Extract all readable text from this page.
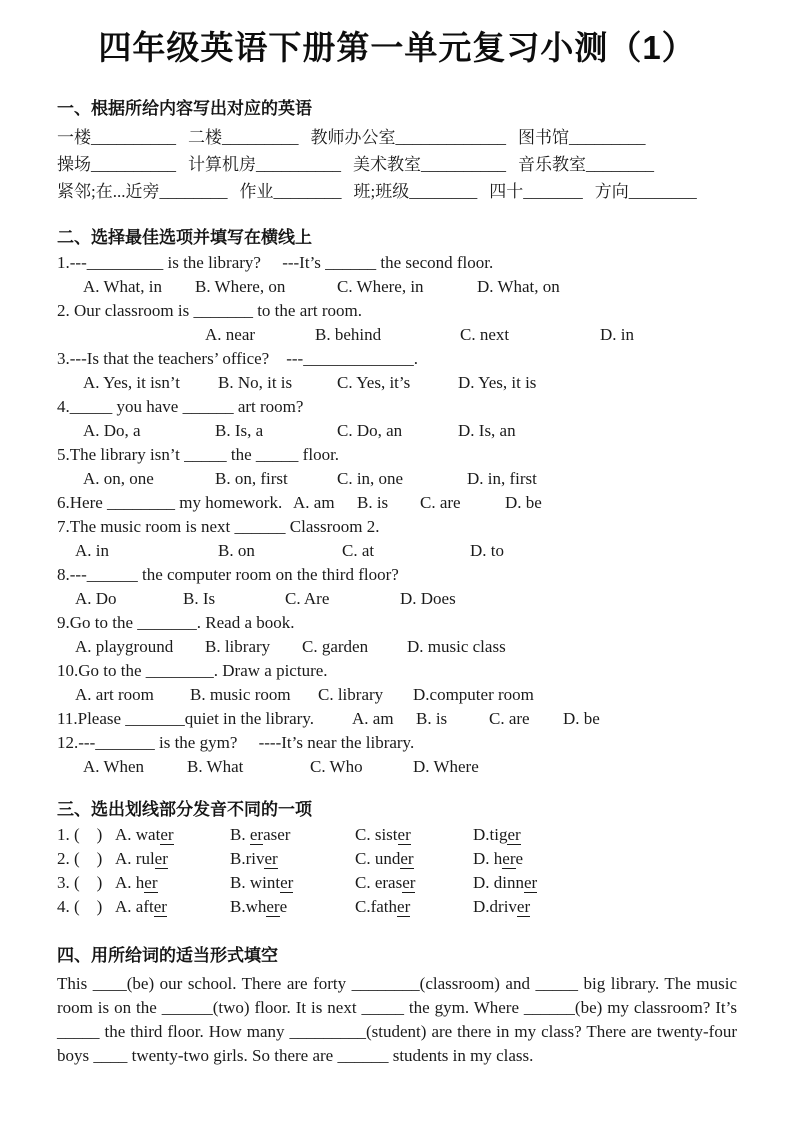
四年级英语下册第一单元复习小测（1）
一、根据所给内容写出对应的英语
一楼__________ 二楼_________ 教师办公室_____________ 图书馆_________
操场__________ 计算机房__________ 美术教室__________ 音乐教室________
紧邻;在...近旁________ 作业________ 班;班级________ 四十_______ 方向________
二、选择最佳选项并填写在横线上
1.---_________ is the library?     ---It’s ______ the second floor.
A. What, in	B. Where, on	C. Where, in	D. What, on
2. Our classroom is _______ to the art room.
A. near	B. behind	C. next	D. in
3.---Is that the teachers’ office?    ---_____________.
A. Yes, it isn’t	B. No, it is	C. Yes, it’s	D. Yes, it is
4._____ you have ______ art room?
A. Do, a	B. Is, a	C. Do, an	D. Is, an
5.The library isn’t _____ the _____ floor.
A. on, one	B. on, first	C. in, one	D. in, first
6.Here ________ my homework. A. am	B. is	C. are	D. be
7.The music room is next ______ Classroom 2.
A. in	B. on	C. at	D. to
8.---______ the computer room on the third floor?
A. Do	B. Is	C. Are	D. Does
9.Go to the _______. Read a book.
A. playground	B. library	C. garden	D. music class
10.Go to the ________. Draw a picture.
A. art room	B. music room	C. library	D.computer room
11.Please _______quiet in the library.	A. am	B. is	C. are	D. be
12.---_______ is the gym?     ----It’s near the library.
A. When	B. What	C. Who	D. Where
三、选出划线部分发音不同的一项
1. (    ) A. water	B. eraser	C. sister	D.tiger
2. (    ) A. ruler	B.river	C. under	D. here
3. (    ) A. her	B. winter	C. eraser	D. dinner
4. (    ) A. after	B.where	C.father	D.driver
四、用所给词的适当形式填空

This ____(be) our school. There are forty ________(classroom) and _____ big library. The music room is on the ______(two) floor. It is next _____ the gym. Where ______(be) my classroom? It’s _____ the third floor. How many _________(student) are there in my class? There are twenty-four boys ____ twenty-two girls. So there are ______ students in my class.
